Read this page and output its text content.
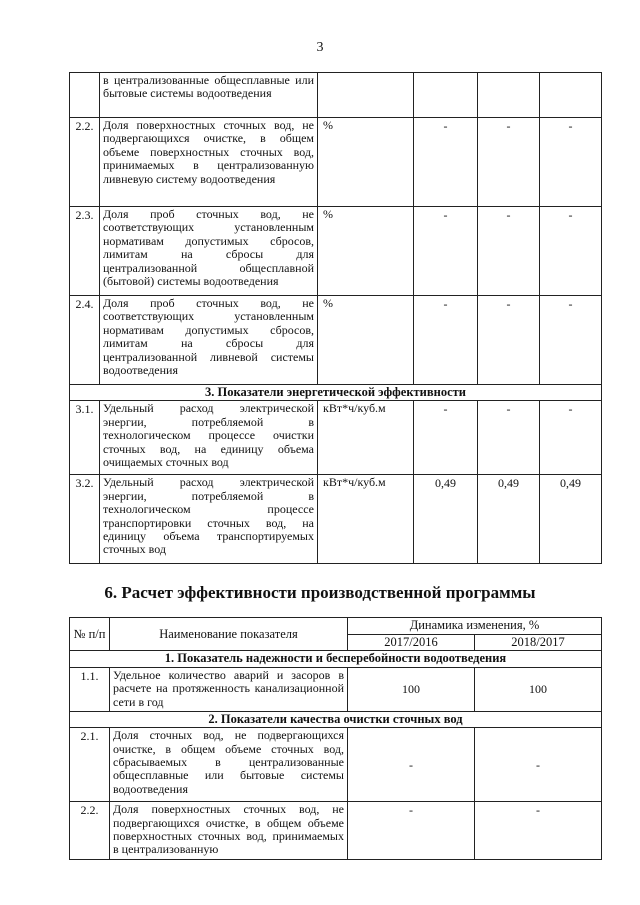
3
	в централизованные общесплавные или бытовые системы водоотведения				
2.2.	Доля поверхностных сточных вод, не подвергающихся очистке, в общем объеме поверхностных сточных вод, принимаемых в централизованную ливневую систему водоотведения	%	-	-	-
2.3.	Доля проб сточных вод, не соответствующих установленным нормативам допустимых сбросов, лимитам на сбросы для централизованной общесплавной (бытовой) системы водоотведения	%	-	-	-
2.4.	Доля проб сточных вод, не соответствующих установленным нормативам допустимых сбросов, лимитам на сбросы для централизованной ливневой системы водоотведения	%	-	-	-
3. Показатели энергетической эффективности					
3.1.	Удельный расход электрической энергии, потребляемой в технологическом процессе очистки сточных вод, на единицу объема очищаемых сточных вод	кВт*ч/куб.м	-	-	-
3.2.	Удельный расход электрической энергии, потребляемой в технологическом процессе транспортировки сточных вод, на единицу объема транспортируемых сточных вод	кВт*ч/куб.м	0,49	0,49	0,49
6. Расчет эффективности производственной программы
№ п/п	Наименование показателя	Динамика изменения, %	
		2017/2016	2018/2017
1. Показатель надежности и бесперебойности водоотведения			
1.1.	Удельное количество аварий и засоров в расчете на протяженность канализационной сети в год	100	100
2. Показатели качества очистки сточных вод			
2.1.	Доля сточных вод, не подвергающихся очистке, в общем объеме сточных вод, сбрасываемых в централизованные общесплавные или бытовые системы водоотведения	-	-
2.2.	Доля поверхностных сточных вод, не подвергающихся очистке, в общем объеме поверхностных сточных вод, принимаемых в централизованную	-	-
